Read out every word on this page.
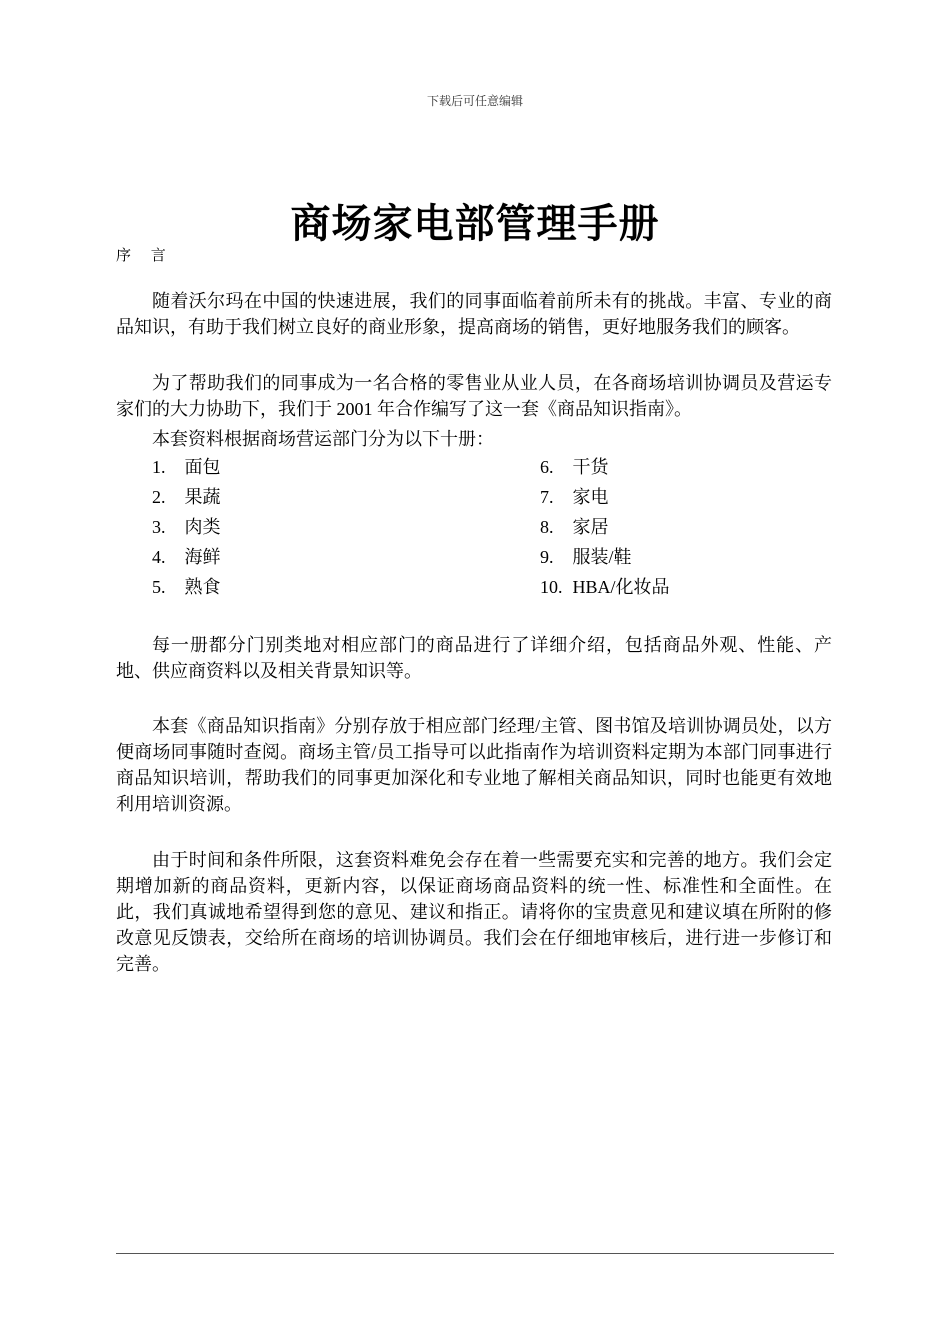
下载后可任意编辑
商场家电部管理手册
序 言

随着沃尔玛在中国的快速进展，我们的同事面临着前所未有的挑战。丰富、专业的商品知识，有助于我们树立良好的商业形象，提高商场的销售，更好地服务我们的顾客。

为了帮助我们的同事成为一名合格的零售业从业人员，在各商场培训协调员及营运专家们的大力协助下，我们于 2001 年合作编写了这一套《商品知识指南》。

本套资料根据商场营运部门分为以下十册：

1. 面包	6. 干货
2. 果蔬	7. 家电
3. 肉类	8. 家居
4. 海鲜	9. 服装/鞋
5. 熟食	10. HBA/化妆品

每一册都分门别类地对相应部门的商品进行了详细介绍，包括商品外观、性能、产地、供应商资料以及相关背景知识等。

本套《商品知识指南》分别存放于相应部门经理/主管、图书馆及培训协调员处，以方便商场同事随时查阅。商场主管/员工指导可以此指南作为培训资料定期为本部门同事进行商品知识培训，帮助我们的同事更加深化和专业地了解相关商品知识，同时也能更有效地利用培训资源。

由于时间和条件所限，这套资料难免会存在着一些需要充实和完善的地方。我们会定期增加新的商品资料，更新内容，以保证商场商品资料的统一性、标准性和全面性。在此，我们真诚地希望得到您的意见、建议和指正。请将你的宝贵意见和建议填在所附的修改意见反馈表，交给所在商场的培训协调员。我们会在仔细地审核后，进行进一步修订和完善。
